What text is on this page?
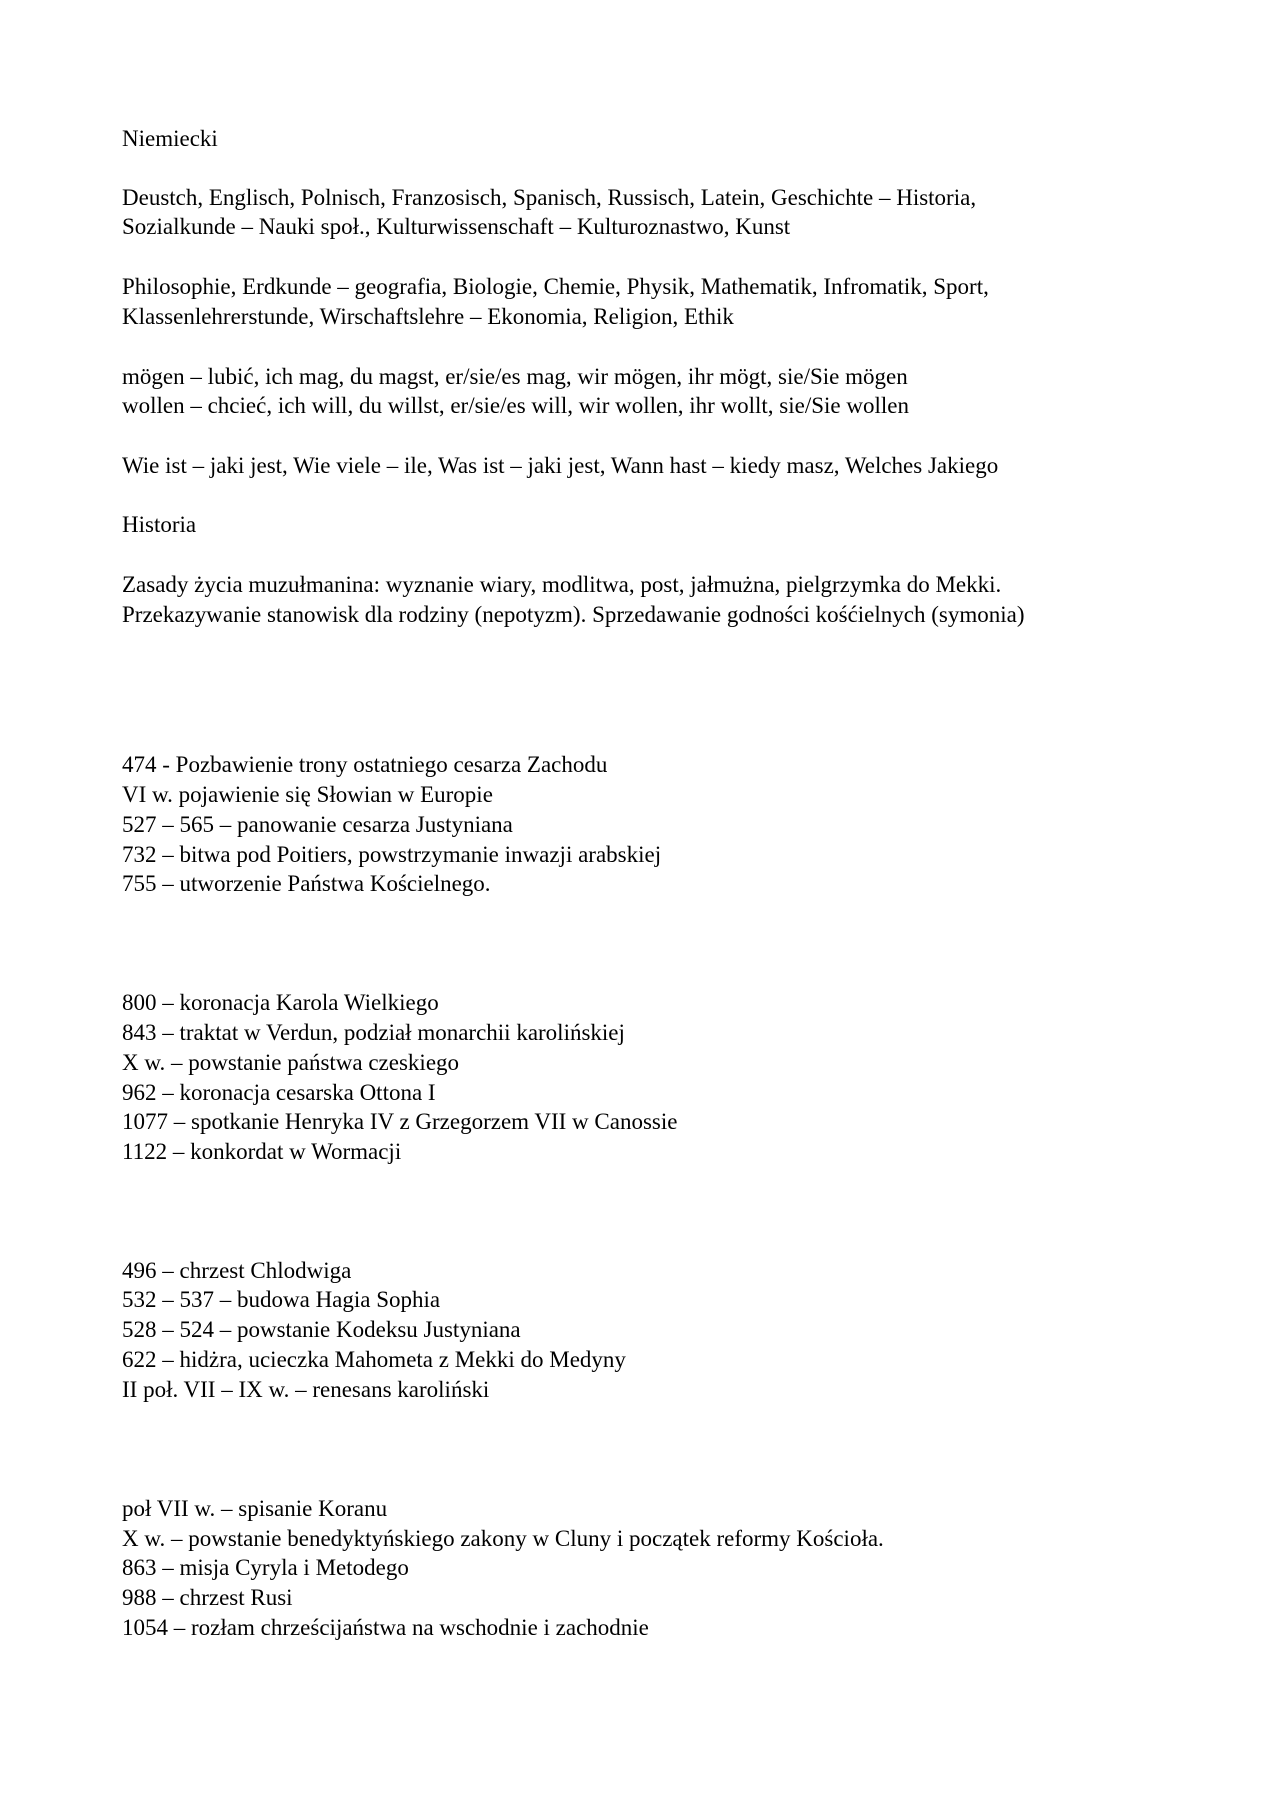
Niemiecki
Deustch, Englisch, Polnisch, Franzosisch, Spanisch, Russisch, Latein, Geschichte – Historia,
Sozialkunde – Nauki społ., Kulturwissenschaft – Kulturoznastwo, Kunst
Philosophie, Erdkunde – geografia, Biologie, Chemie, Physik, Mathematik, Infromatik, Sport,
Klassenlehrerstunde, Wirschaftslehre – Ekonomia, Religion, Ethik
mögen – lubić, ich mag, du magst, er/sie/es mag, wir mögen, ihr mögt, sie/Sie mögen
wollen – chcieć, ich will, du willst, er/sie/es will, wir wollen, ihr wollt, sie/Sie wollen
Wie ist – jaki jest, Wie viele – ile, Was ist – jaki jest, Wann hast – kiedy masz, Welches Jakiego
Historia
Zasady życia muzułmanina: wyznanie wiary, modlitwa, post, jałmużna, pielgrzymka do Mekki.
Przekazywanie stanowisk dla rodziny (nepotyzm). Sprzedawanie godności kośćielnych (symonia)
474 - Pozbawienie trony ostatniego cesarza Zachodu
VI w. pojawienie się Słowian w Europie
527 – 565 – panowanie cesarza Justyniana
732 – bitwa pod Poitiers, powstrzymanie inwazji arabskiej
755 – utworzenie Państwa Kościelnego.
800 – koronacja Karola Wielkiego
843 – traktat w Verdun, podział monarchii karolińskiej
X w. – powstanie państwa czeskiego
962 – koronacja cesarska Ottona I
1077 – spotkanie Henryka IV z Grzegorzem VII w Canossie
1122 – konkordat w Wormacji
496 – chrzest Chlodwiga
532 – 537 – budowa Hagia Sophia
528 – 524 – powstanie Kodeksu Justyniana
622 – hidżra, ucieczka Mahometa z Mekki do Medyny
II poł. VII – IX w. – renesans karoliński
poł VII w. – spisanie Koranu
X w. – powstanie benedyktyńskiego zakony w Cluny i początek reformy Kościoła.
863 – misja Cyryla i Metodego
988 – chrzest Rusi
1054 – rozłam chrześcijaństwa na wschodnie i zachodnie
